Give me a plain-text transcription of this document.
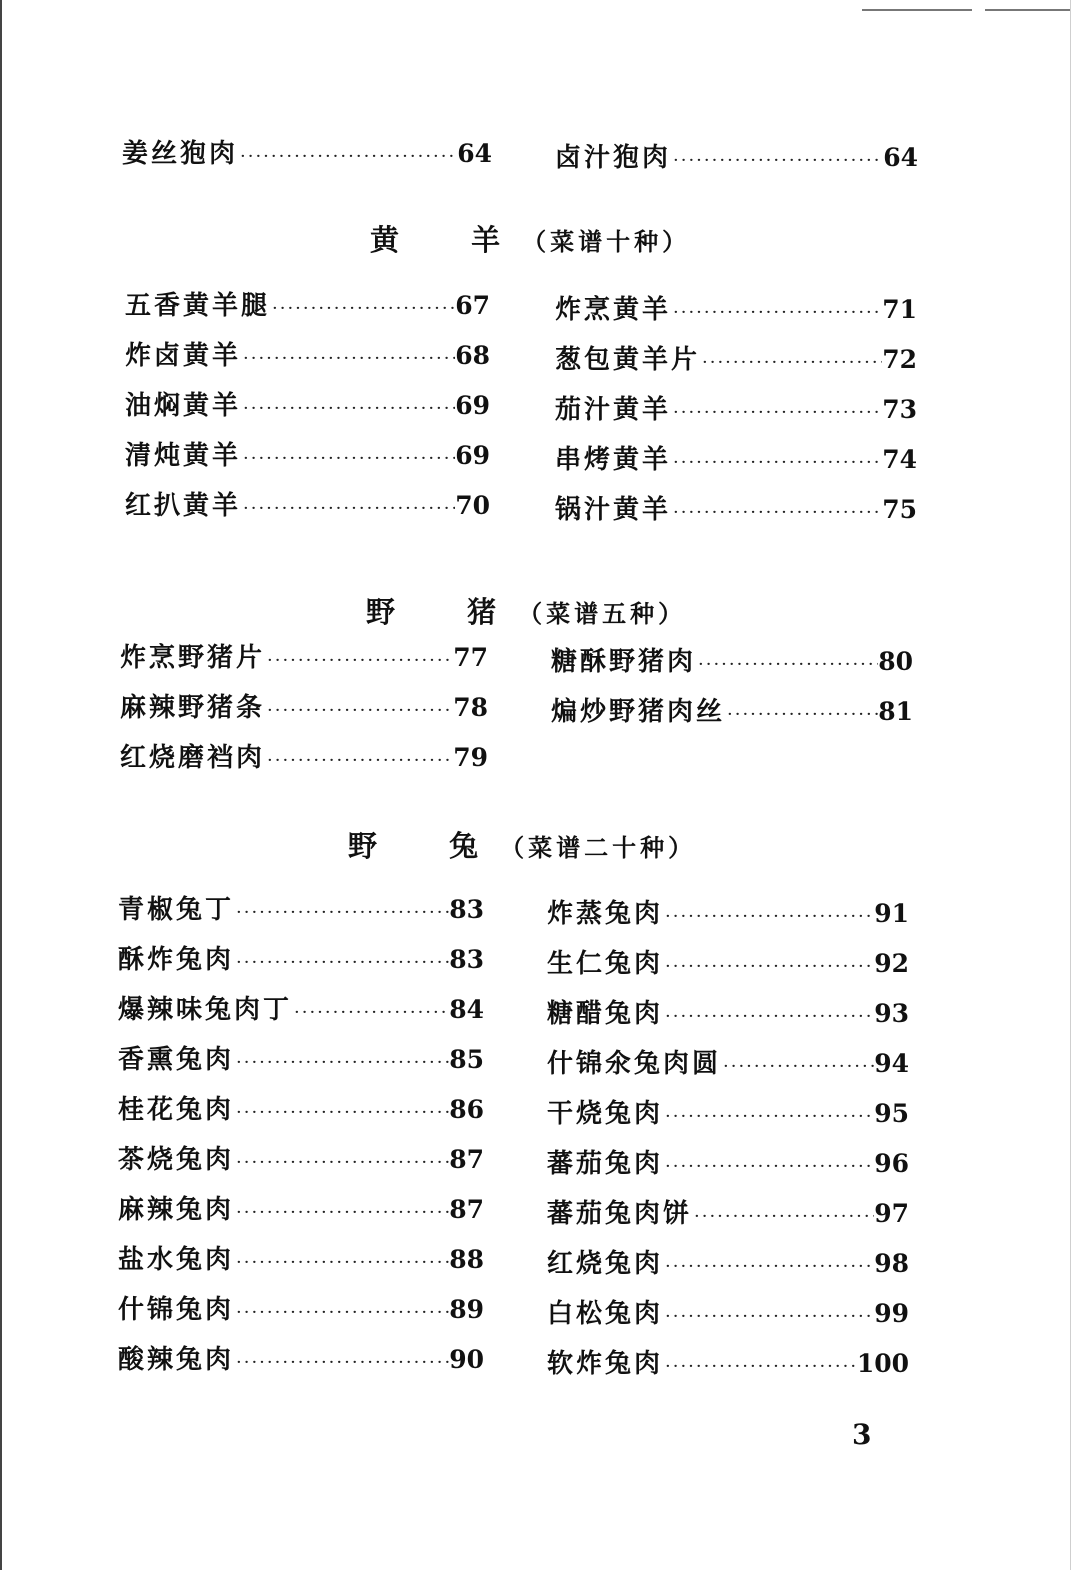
姜丝狍肉 ·····	64 卤汁狍肉 ·····	64
黄 羊 （菜谱十种）
五香黄羊腿 ·····	67
炸卤黄羊 ·····	68
油焖黄羊 ·····	69
清炖黄羊 ·····	69
红扒黄羊 ·····	70
炸烹黄羊 ·····	71
葱包黄羊片 ·····	72
茄汁黄羊 ·····	73
串烤黄羊 ·····	74
锅汁黄羊 ·····	75
野 猪 （菜谱五种）
炸烹野猪片 ·····	77
麻辣野猪条 ·····	78
红烧磨裆肉 ·····	79
糖酥野猪肉 ·····	80
煸炒野猪肉丝 ·····	81
野 兔 （菜谱二十种）
青椒兔丁 ·····	83
酥炸兔肉 ·····	83
爆辣味兔肉丁 ·····	84
香熏兔肉 ·····	85
桂花兔肉 ·····	86
茶烧兔肉 ·····	87
麻辣兔肉 ·····	87
盐水兔肉 ·····	88
什锦兔肉 ·····	89
酸辣兔肉 ·····	90
炸蒸兔肉 ·····	91
生仁兔肉 ·····	92
糖醋兔肉 ·····	93
什锦氽兔肉圆 ·····	94
干烧兔肉 ·····	95
蕃茄兔肉 ·····	96
蕃茄兔肉饼 ·····	97
红烧兔肉 ·····	98
白松兔肉 ·····	99
软炸兔肉 ·····	100
3
